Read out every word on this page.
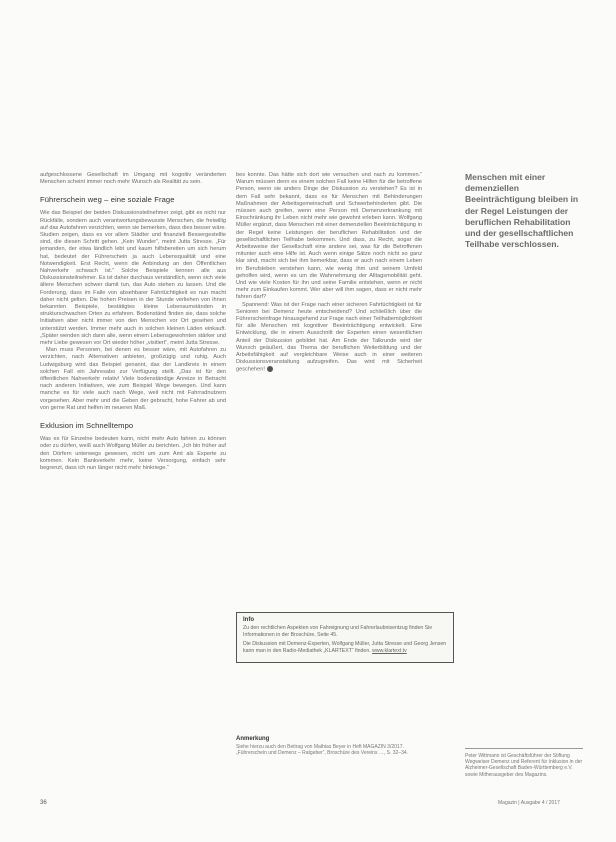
aufgeschlossene Gesellschaft im Umgang mit kognitiv veränderten Menschen scheint immer noch mehr Wunsch als Realität zu sein.

Führerschein weg – eine soziale Frage

Wie das Beispiel der beiden Diskussionsteilnehmer zeigt, gibt es nicht nur Rückfälle, sondern auch verantwortungsbewusste Menschen, die freiwillig auf das Autofahren verzichten, wenn sie bemerken, dass dies besser wäre. Studien zeigen, dass es vor allem Städter und finanziell Bessergestellte sind, die diesen Schritt gehen. „Kein Wunder“, meint Jutta Stresse. „Für jemanden, der etwa ländlich lebt und kaum hilfsbereiten um sich herum hat, bedeutet der Führerschein ja auch Lebensqualität und eine Notwendigkeit. Erst Recht, wenn die Anbindung an den Öffentlichen Nahverkehr schwach ist.“ Solche Beispiele kennen alle aus Diskussionsteilnehmer. Es ist daher durchaus verständlich, wenn sich viele ältere Menschen schwer damit tun, das Auto stehen zu lassen. Und die Forderung, dass im Falle von absehbarer Fahrtüchtigkeit es nun macht daher nicht gelten. Die hohen Preisen in der Stunde verliehen von ihnen bekannten Beispiele, bestätigtes kleine Lebensumständen in strukturschwachen Orten zu erfahren. Bodenständ finden sie, dass solche Initiativen aber nicht immer von den Menschen vor Ort gesehen und unterstützt werden. Immer mehr auch in solchen kleinen Läden einkauft. „Später wenden sich dann alle, wenn einem Lebensgewohnten stärker und mehr Liebe gewesen vor Ort wieder höher „visitiert“, meint Jutta Stresse.

Man muss Personen, bei denen es besser wäre, mit Autofahren zu verzichten, nach Alternativen anbieten, großzügig und ruhig. Auch Ludwigsburg wird das Beispiel genannt, das der Landkreis in einem solchen Fall ein Jahresabo zur Verfügung stellt. „Das ist für den öffentlichen Nahverkehr relativ! Viele bodenständige Anreize in Betracht nach anderen Initiativen, wie zum Beispiel Wege bewegen. Und kann manche es für viele auch nach Wege, weil nicht mit Fahrradnutzern vorgesehen. Aber mehr und die Geben der gebracht, hohe Fahrer ab und von gerne Rat und helfen im neueren Maß.

Exklusion im Schnelltempo

Was es für Einzelne bedeuten kann, nicht mehr Auto fahren zu können oder zu dürfen, weiß auch Wolfgang Müller zu berichten. „Ich bin früher auf den Dörfern unterwegs gewesen, nicht um zum Amt als Experte zu kommen. Kein Bankverkehr mehr, keine Versorgung, einfach sehr begrenzt, dass ich nun länger nicht mehr hinkriege.“

bes konnte. Das hätte sich dort wie versuchen und nach zu kommen.“ Warum müssen denn es einem solchen Fall keine Hilfen für die betroffene Person, wenn sie anders Dinge der Diskussion zu verstehen? Es ist in dem Fall sehr bekannt, dass es für Menschen mit Behinderungen Maßnahmen der Arbeitsgemeinschaft und Schwerbehinderten gibt. Die müssen auch greifen, wenn eine Person mit Demenzerkrankung mit Einschränkung ihr Leben nicht mehr wie gewohnt erleben kann. Wolfgang Müller ergänzt, dass Menschen mit einer demenziellen Beeinträchtigung in der Regel keine Leistungen der beruflichen Rehabilitation und der gesellschaftlichen Teilhabe bekommen. Und dass, zu Recht, sogar die Arbeitsweise der Gesellschaft eine andere sei, was für die Betroffenen mitunter auch eine Hilfe ist. Auch wenn einige Sätze noch nicht so ganz klar sind, macht sich bei ihm bemerkbar, dass er auch nach einem Leben im Berufsleben verstehen kann, wie wenig ihm und seinem Umfeld geholfen wird, wenn es um die Wahrnehmung der Alltagsmobilität geht. Und wie viele Kosten für ihn und seine Familie entstehen, wenn er nicht mehr zum Einkaufen kommt. Wer aber will ihm sagen, dass er nicht mehr fahren darf?

Spannend: Was ist der Frage nach einer sicheren Fahrtüchtigkeit ist für Senioren bei Demenz heute entscheidend? Und schließlich über die Führerscheinfrage hinausgehend zur Frage nach einer Teilhabemöglichkeit für alle Menschen mit kognitiver Beeinträchtigung entwickelt. Eine Entwicklung, die in einem Ausschnitt der Experten einen wesentlichen Anteil der Diskussion gebildet hat. Am Ende der Talkrunde wird der Wunsch geäußert, das Thema der beruflichen Weiterbildung und der Arbeitsfähigkeit auf vergleichbare Weise auch in einer weiteren Diskussionsveranstaltung aufzugreifen. Das wird mit Sicherheit geschehen!

Menschen mit einer demenziellen Beeinträchtigung bleiben in der Regel Leistungen der beruflichen Rehabilitation und der gesellschaftlichen Teilhabe verschlossen.

Info

Zu den rechtlichen Aspekten von Fahreignung und Fahrerlaubnisentzug finden Sie Informationen in der Broschüre, Seite 45.

Die Diskussion mit Demenz-Experten, Wolfgang Müller, Jutta Stresse und Georg Jensen kann man in den Radio-Mediathek „KLARTEXT“ finden. www.klartext.tv

Anmerkung

Siehe hierzu auch den Beitrag von Mathias Beyer in Heft MAGAZIN 3/2017.

„Führerschein und Demenz – Ratgeber“, Broschüre des Vereins …, S. 32–34.	Peter Wittmann ist Geschäftsführer der Stiftung Wegweiser Demenz und Referent für Inklusion in der Alzheimer-Gesellschaft Baden-Württemberg e.V. sowie Mitherausgeber des Magazins.

36	Magazin | Ausgabe 4 / 2017
